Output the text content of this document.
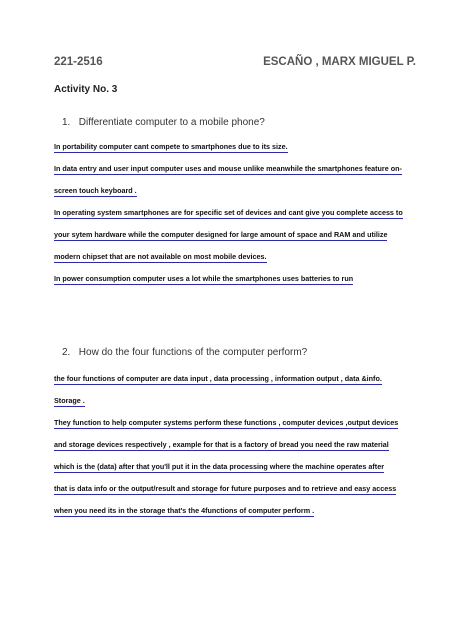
221-2516	ESCAÑO , MARX MIGUEL P.
Activity No. 3
1. Differentiate computer to a mobile phone?
In portability computer cant compete to smartphones due to its size.
In data entry and user input computer uses and mouse unlike meanwhile the smartphones feature on-
screen touch keyboard .
In operating system smartphones are for specific set of devices and cant give you complete access to
your sytem hardware while the computer designed for large amount of space and RAM and utilize
modern chipset that are not available on most mobile devices.
In power consumption computer uses a lot while the smartphones uses batteries to run
2. How do the four functions of the computer perform?
the four functions of computer are data input , data processing , information output , data &info.
Storage .
They function to help computer systems perform these functions , computer devices ,output devices
and storage devices respectively , example for that is a factory of bread you need the raw material
which is the (data) after that you'll put it in the data processing where the machine operates after
that is data info or the output/result and storage for future purposes and to retrieve and easy access
when you need its in the storage that's the 4functions of computer perform .
